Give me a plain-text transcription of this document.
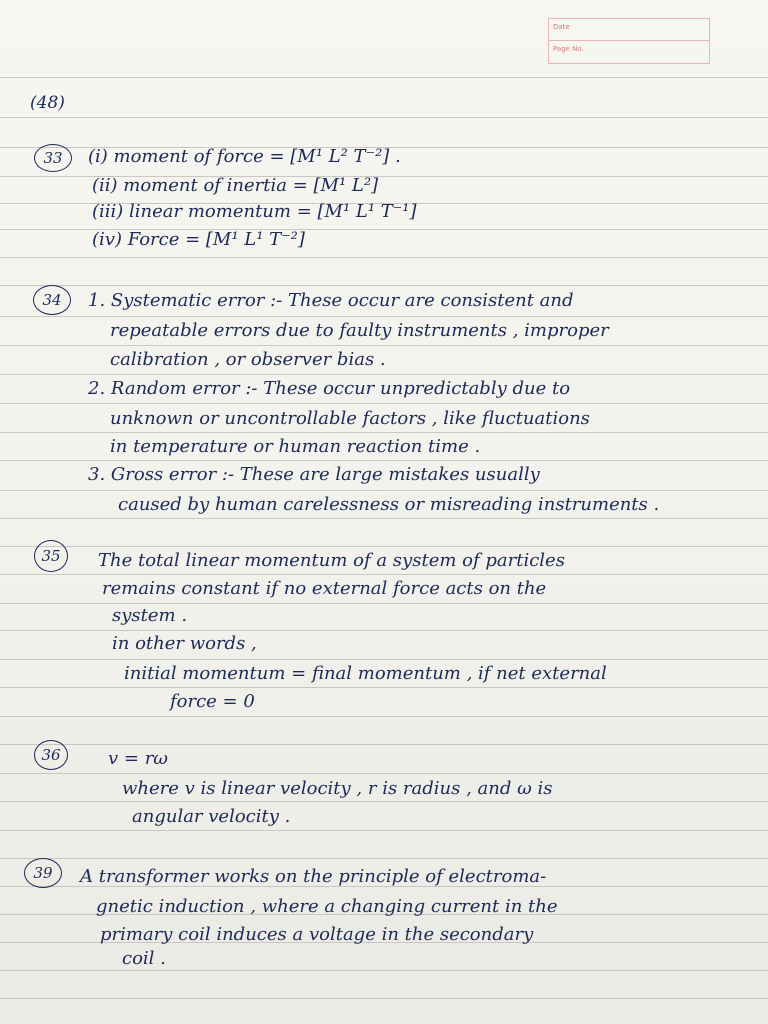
Date
Page No.
(48)
33	(i) moment of force = [M¹ L² T⁻²] .
(ii) moment of inertia = [M¹ L²]
(iii) linear momentum = [M¹ L¹ T⁻¹]
(iv) Force = [M¹ L¹ T⁻²]
34	1. Systematic error :- These occur are consistent and
repeatable errors due to faulty instruments , improper
calibration , or observer bias .
2. Random error :- These occur unpredictably due to
unknown or uncontrollable factors , like fluctuations
in temperature or human reaction time .
3. Gross error :- These are large mistakes usually
caused by human carelessness or misreading instruments .
35	The total linear momentum of a system of particles
remains constant if no external force acts on the
system .
in other words ,
initial momentum = final momentum , if net external
force = 0
36	v = rω
where v is linear velocity , r is radius , and ω is
angular velocity .
39	A transformer works on the principle of electroma-
gnetic induction , where a changing current in the
primary coil induces a voltage in the secondary
coil .
